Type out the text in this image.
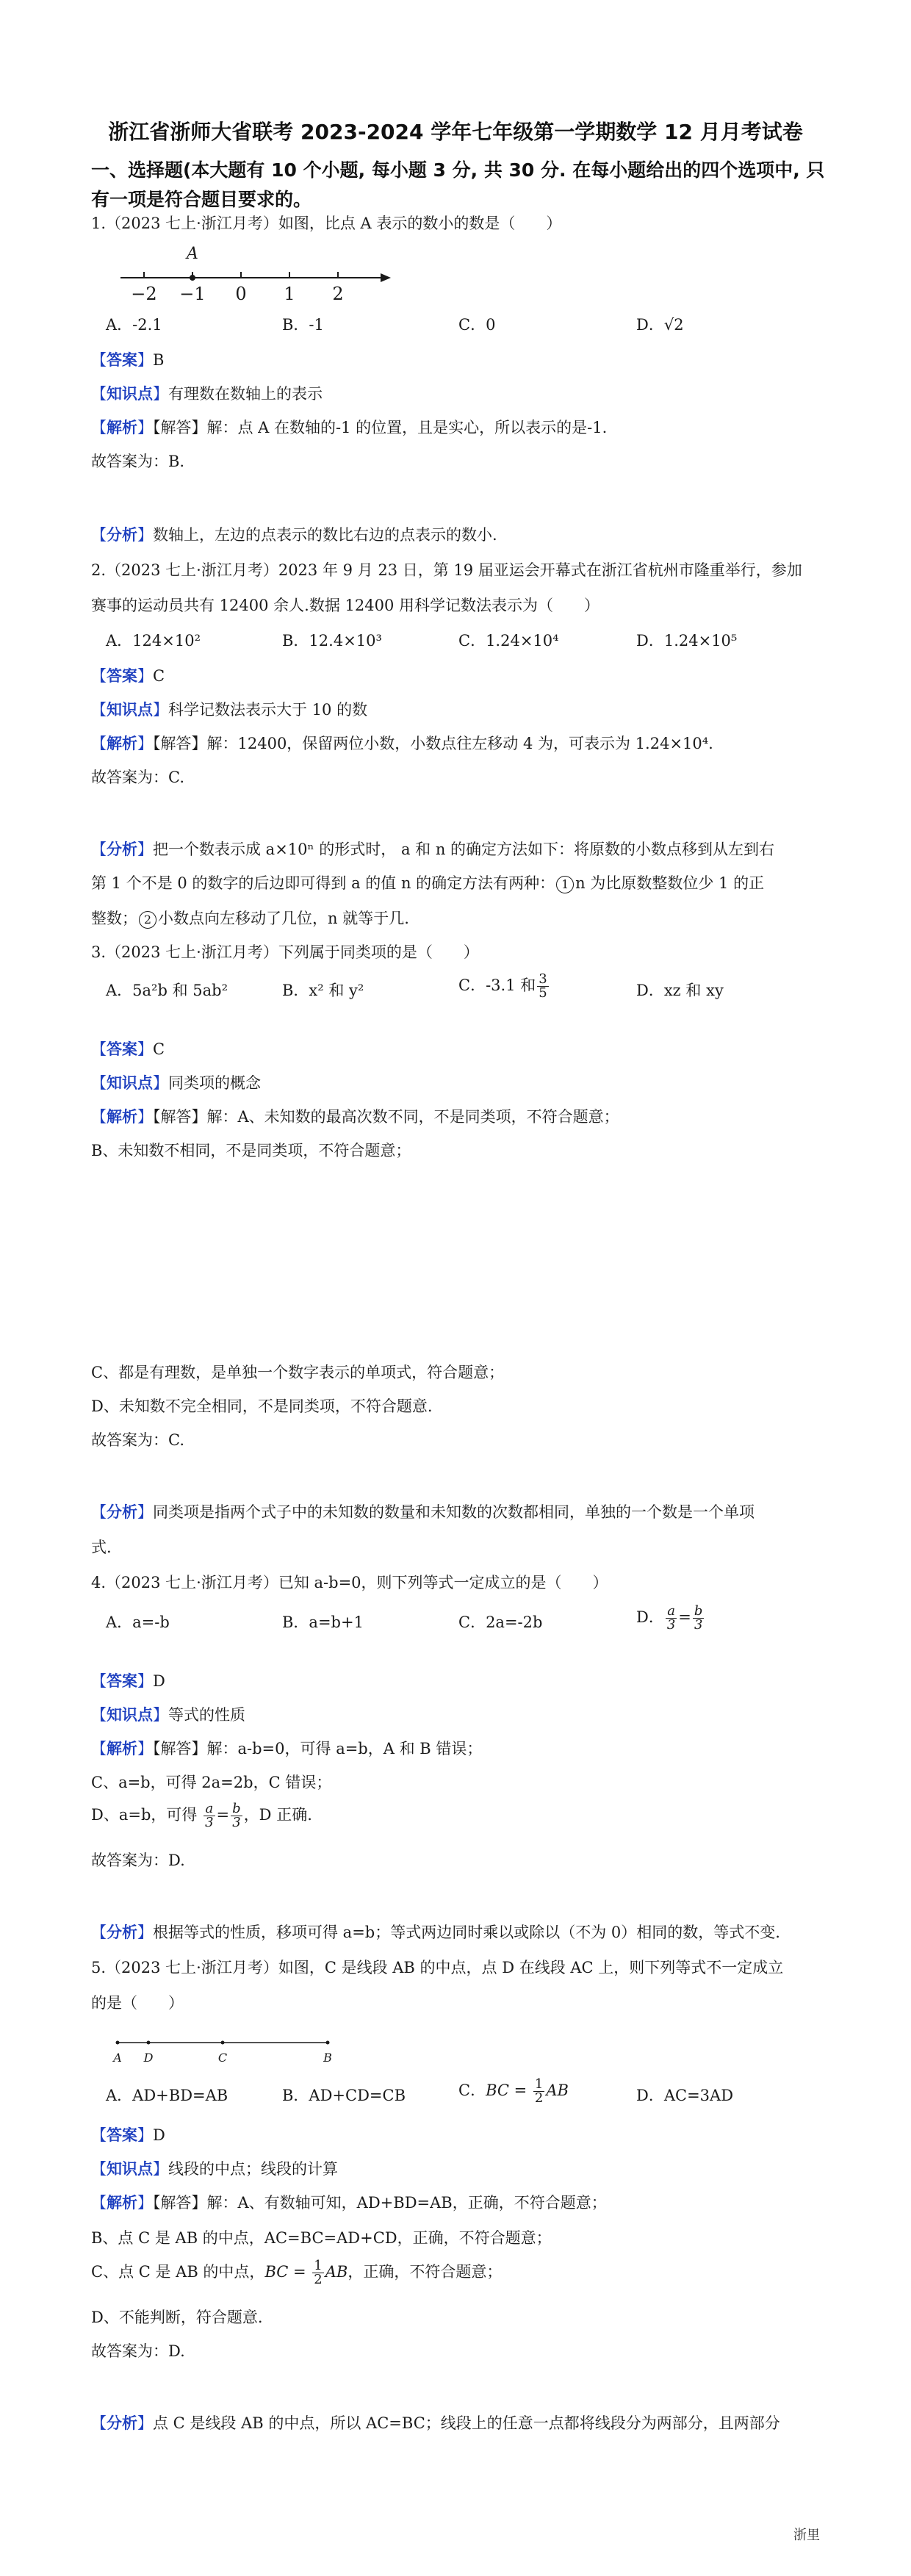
浙江省浙师大省联考 2023-2024 学年七年级第一学期数学 12 月月考试卷
一、选择题(本大题有 10 个小题, 每小题 3 分, 共 30 分. 在每小题给出的四个选项中, 只有一项是符合题目要求的。
1.（2023 七上·浙江月考）如图，比点 A 表示的数小的数是（　　）
A
−2 −1 0 1 2
A．-2.1	B．-1	C．0	D．√2
【答案】B
【知识点】有理数在数轴上的表示
【解析】【解答】解：点 A 在数轴的-1 的位置，且是实心，所以表示的是-1.
故答案为：B.
【分析】数轴上，左边的点表示的数比右边的点表示的数小.
2.（2023 七上·浙江月考）2023 年 9 月 23 日，第 19 届亚运会开幕式在浙江省杭州市隆重举行，参加
赛事的运动员共有 12400 余人.数据 12400 用科学记数法表示为（　　）
A．124×10²	B．12.4×10³	C．1.24×10⁴	D．1.24×10⁵
【答案】C
【知识点】科学记数法表示大于 10 的数
【解析】【解答】解：12400，保留两位小数，小数点往左移动 4 为，可表示为 1.24×10⁴.
故答案为：C.
【分析】把一个数表示成 a×10ⁿ 的形式时， a 和 n 的确定方法如下：将原数的小数点移到从左到右
第 1 个不是 0 的数字的后边即可得到 a 的值 n 的确定方法有两种： 1 n 为比原数整数位少 1 的正
整数； 2 小数点向左移动了几位，n 就等于几.
3.（2023 七上·浙江月考）下列属于同类项的是（　　）
A．5a²b 和 5ab²	B．x² 和 y²	C．-3.1 和 $\frac{3}{5}$	D．xz 和 xy
【答案】C
【知识点】同类项的概念
【解析】【解答】解：A、未知数的最高次数不同，不是同类项，不符合题意；
B、未知数不相同，不是同类项，不符合题意；
C、都是有理数，是单独一个数字表示的单项式，符合题意；
D、未知数不完全相同，不是同类项，不符合题意.
故答案为：C.
【分析】同类项是指两个式子中的未知数的数量和未知数的次数都相同，单独的一个数是一个单项
式.
4.（2023 七上·浙江月考）已知 a-b=0，则下列等式一定成立的是（　　）
A．a=-b	B．a=b+1	C．2a=-2b	D． $\frac{a}{3} = \frac{b}{3}$
【答案】D
【知识点】等式的性质
【解析】【解答】解：a-b=0，可得 a=b，A 和 B 错误；
C、a=b，可得 2a=2b，C 错误；
D、a=b，可得 $\frac{a}{3} = \frac{b}{3}$ ，D 正确.
故答案为：D.
【分析】根据等式的性质，移项可得 a=b；等式两边同时乘以或除以（不为 0）相同的数，等式不变.
5.（2023 七上·浙江月考）如图，C 是线段 AB 的中点，点 D 在线段 AC 上，则下列等式不一定成立
的是（　　）
A D	C	B
A．AD+BD=AB	B．AD+CD=CB	C．BC = $\frac{1}{2}$ AB	D．AC=3AD
【答案】D
【知识点】线段的中点；线段的计算
【解析】【解答】解：A、有数轴可知，AD+BD=AB，正确，不符合题意；
B、点 C 是 AB 的中点，AC=BC=AD+CD，正确，不符合题意；
C、点 C 是 AB 的中点，BC = $\frac{1}{2}$ AB，正确，不符合题意；
D、不能判断，符合题意.
故答案为：D.
【分析】点 C 是线段 AB 的中点，所以 AC=BC；线段上的任意一点都将线段分为两部分，且两部分
浙里
